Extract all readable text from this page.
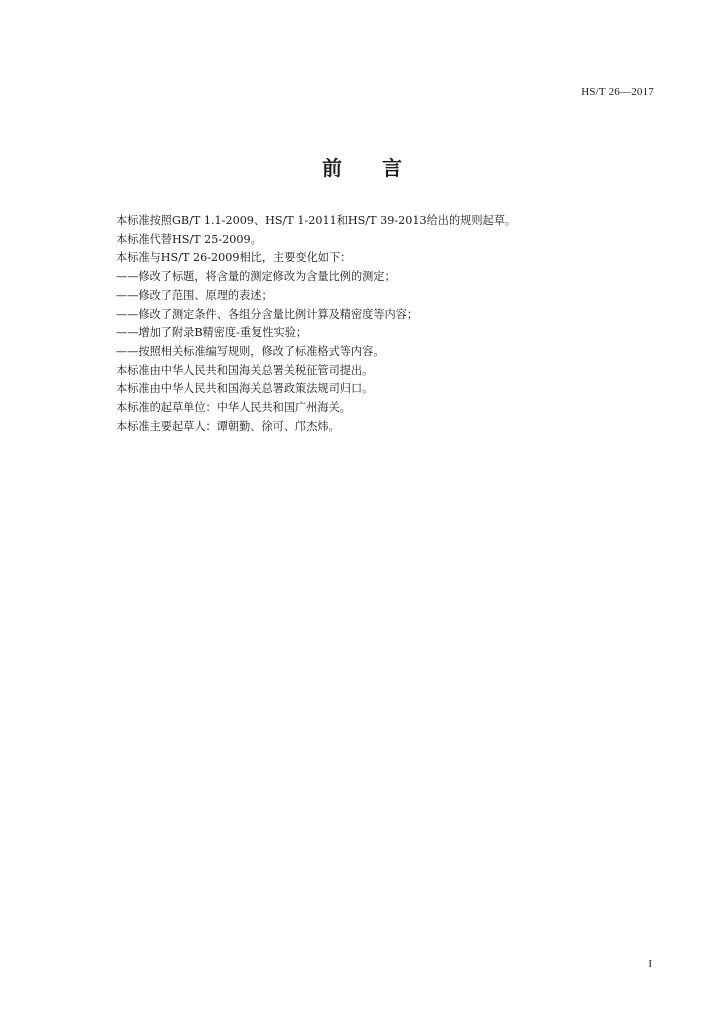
HS/T 26—2017
前 言
本标准按照GB/T 1.1-2009、HS/T 1-2011和HS/T 39-2013给出的规则起草。
本标准代替HS/T 25-2009。
本标准与HS/T 26-2009相比，主要变化如下：
——修改了标题，将含量的测定修改为含量比例的测定；
——修改了范围、原理的表述；
——修改了测定条件、各组分含量比例计算及精密度等内容；
——增加了附录B精密度-重复性实验；
——按照相关标准编写规则，修改了标准格式等内容。
本标准由中华人民共和国海关总署关税征管司提出。
本标准由中华人民共和国海关总署政策法规司归口。
本标准的起草单位：中华人民共和国广州海关。
本标准主要起草人：谭朝勤、徐可、邝杰炜。
I
